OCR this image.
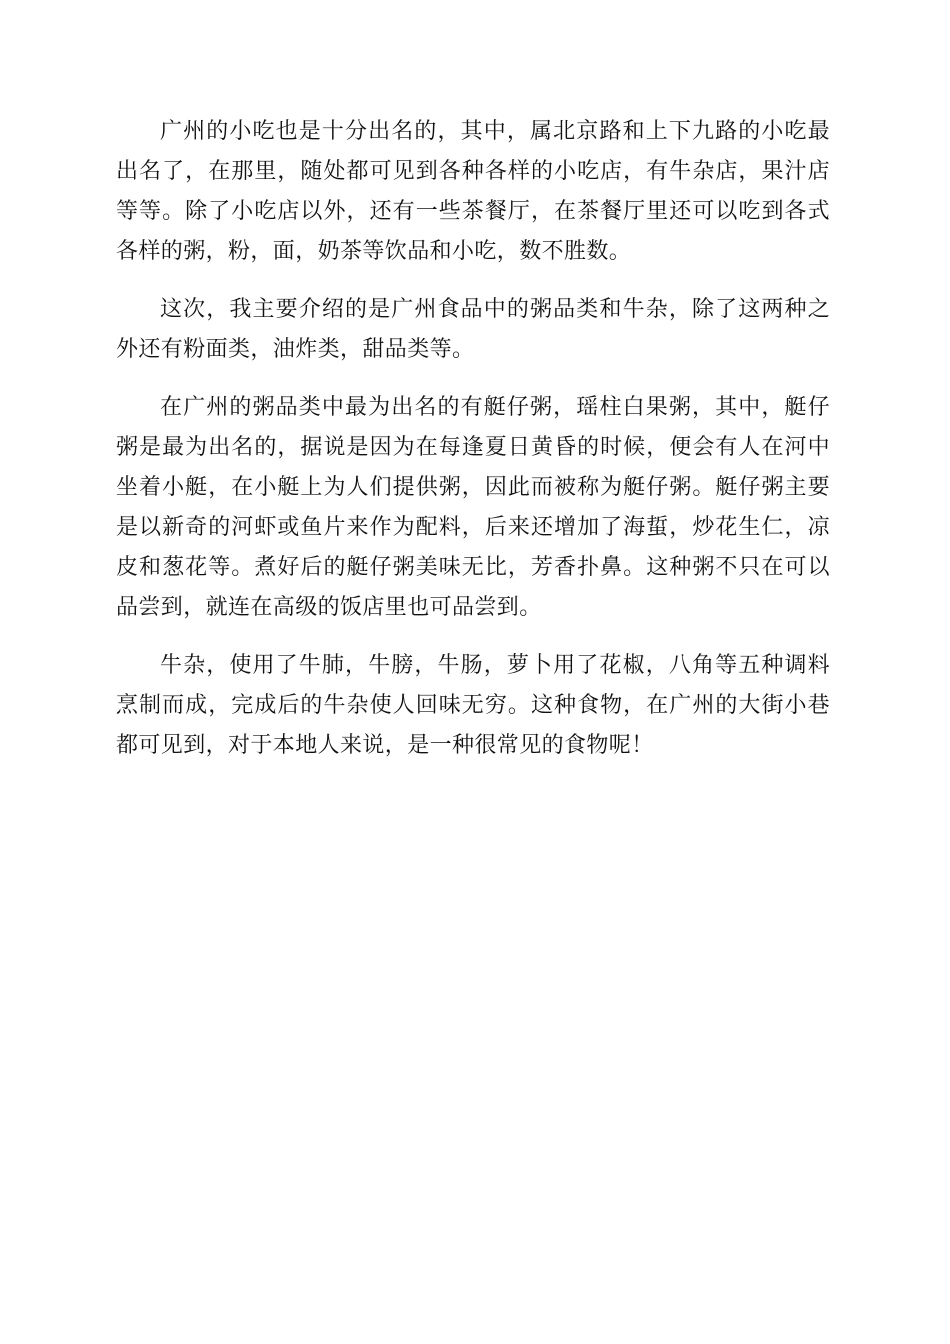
广州的小吃也是十分出名的，其中，属北京路和上下九路的小吃最出名了，在那里，随处都可见到各种各样的小吃店，有牛杂店，果汁店等等。除了小吃店以外，还有一些茶餐厅，在茶餐厅里还可以吃到各式各样的粥，粉，面，奶茶等饮品和小吃，数不胜数。

这次，我主要介绍的是广州食品中的粥品类和牛杂，除了这两种之外还有粉面类，油炸类，甜品类等。

在广州的粥品类中最为出名的有艇仔粥，瑶柱白果粥，其中，艇仔粥是最为出名的，据说是因为在每逢夏日黄昏的时候，便会有人在河中坐着小艇，在小艇上为人们提供粥，因此而被称为艇仔粥。艇仔粥主要是以新奇的河虾或鱼片来作为配料，后来还增加了海蜇，炒花生仁，凉皮和葱花等。煮好后的艇仔粥美味无比，芳香扑鼻。这种粥不只在可以品尝到，就连在高级的饭店里也可品尝到。

牛杂，使用了牛肺，牛膀，牛肠，萝卜用了花椒，八角等五种调料烹制而成，完成后的牛杂使人回味无穷。这种食物，在广州的大街小巷都可见到，对于本地人来说，是一种很常见的食物呢！
